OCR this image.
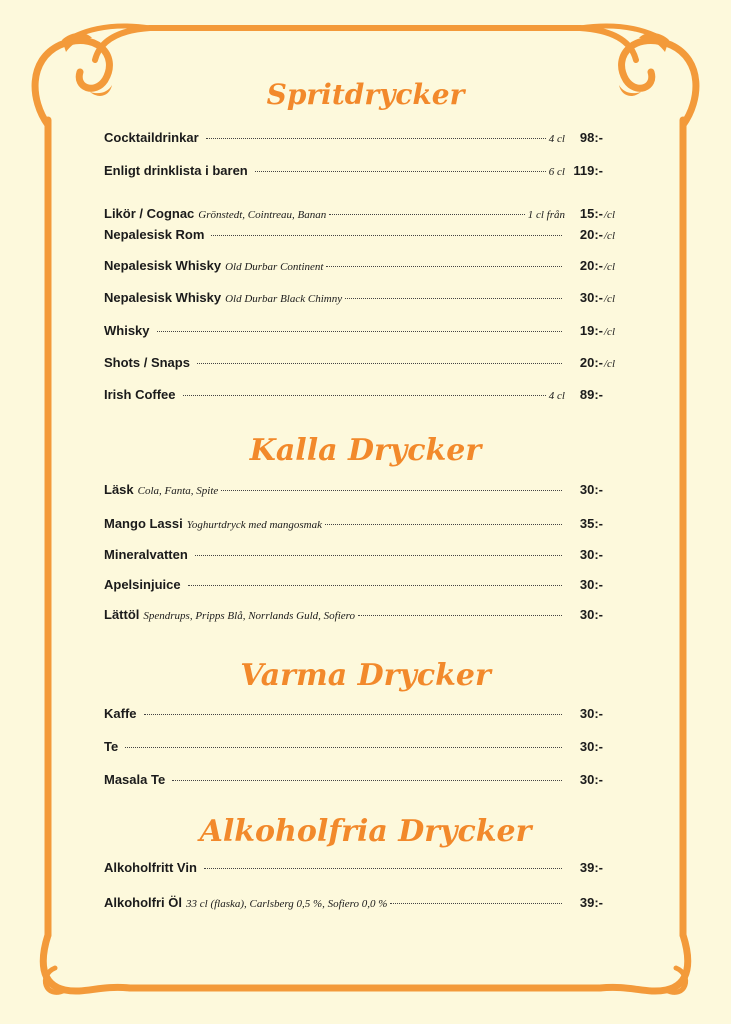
Spritdrycker
Cocktaildrinkar	4 cl	98:-
Enligt drinklista i baren	6 cl 119:-
Likör / Cognac Grönstedt, Cointreau, Banan	1 cl från	15:- /cl
Nepalesisk Rom	20:- /cl
Nepalesisk Whisky Old Durbar Continent	20:- /cl
Nepalesisk Whisky Old Durbar Black Chimny	30:- /cl
Whisky	19:- /cl
Shots / Snaps	20:- /cl
Irish Coffee	4 cl	89:-
Kalla Drycker
Läsk Cola, Fanta, Spite	30:-
Mango Lassi Yoghurtdryck med mangosmak	35:-
Mineralvatten	30:-
Apelsinjuice	30:-
Lättöl Spendrups, Pripps Blå, Norrlands Guld, Sofiero	30:-
Varma Drycker
Kaffe	30:-
Te	30:-
Masala Te	30:-
Alkoholfria Drycker
Alkoholfritt Vin	39:-
Alkoholfri Öl 33 cl (flaska), Carlsberg 0,5 %, Sofiero 0,0 %	39:-
